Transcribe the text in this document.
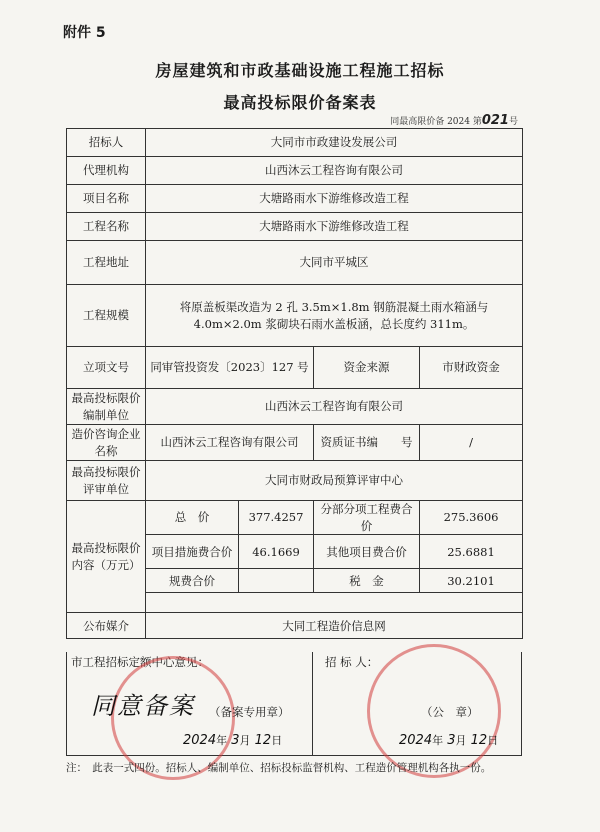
附件 5
房屋建筑和市政基础设施工程施工招标
最高投标限价备案表
同最高限价备 2024 第021号
招标人	大同市市政建设发展公司			
代理机构	山西沐云工程咨询有限公司			
项目名称	大塘路雨水下游维修改造工程			
工程名称	大塘路雨水下游维修改造工程			
工程地址	大同市平城区			
工程规模	将原盖板渠改造为 2 孔 3.5m×1.8m 钢筋混凝土雨水箱涵与 4.0m×2.0m 浆砌块石雨水盖板涵，总长度约 311m。			
立项文号	同审管投资发〔2023〕127 号		资金来源	市财政资金
最高投标限价编制单位	山西沐云工程咨询有限公司			
造价咨询企业名称	山西沐云工程咨询有限公司		资质证书编　　号	/
最高投标限价评审单位	大同市财政局预算评审中心			
最高投标限价内容（万元）	总　价	377.4257	分部分项工程费合价	275.3606
	项目措施费合价	46.1669	其他项目费合价	25.6881
	规费合价		税　金	30.2101

公布媒介	大同工程造价信息网			
市工程招标定额中心意见：
同意备案 （备案专用章）
2024年 3月 12日
招 标 人：
（公　章）
2024年 3月 12日
注：　此表一式四份。招标人、编制单位、招标投标监督机构、工程造价管理机构各执一份。
